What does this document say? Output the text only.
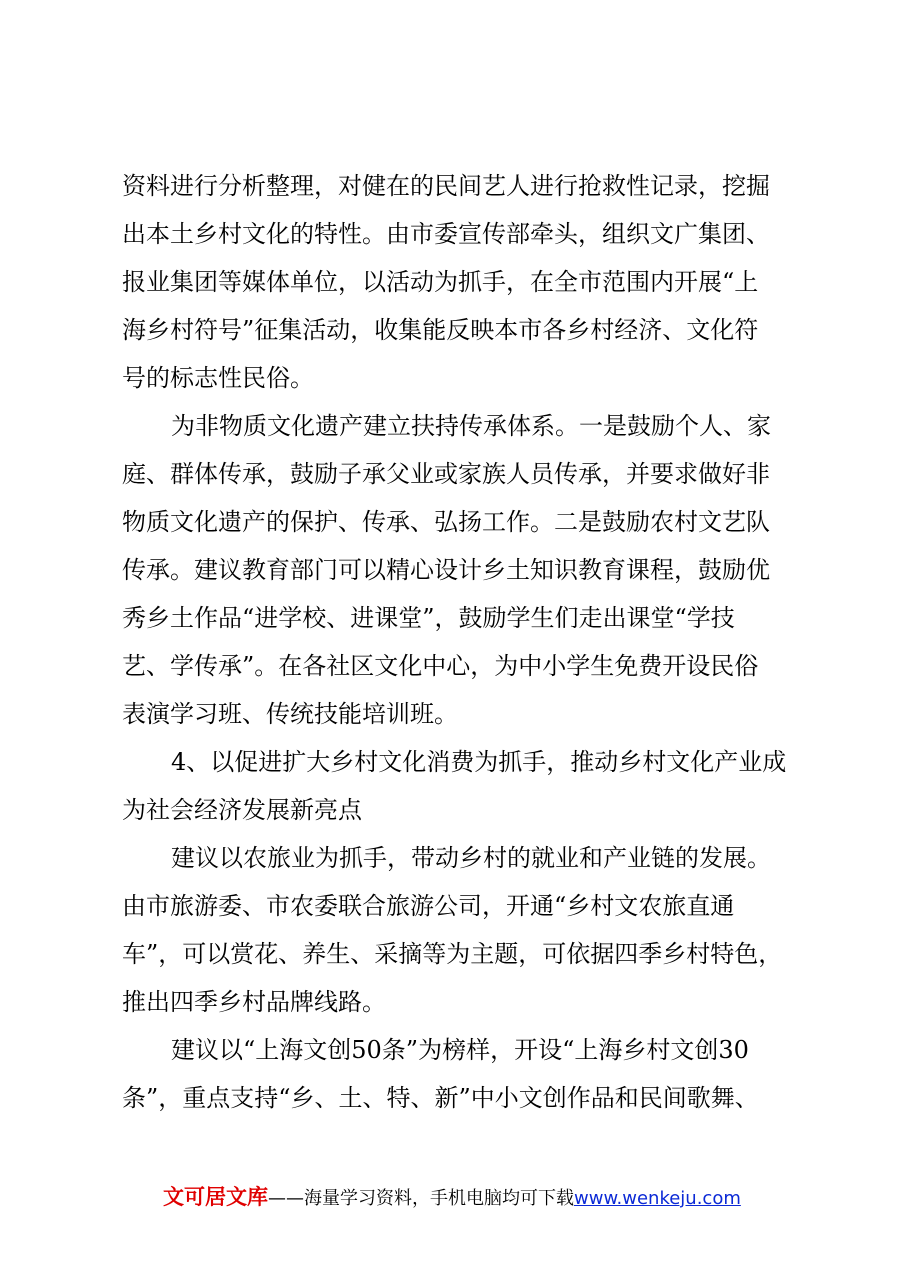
资料进行分析整理，对健在的民间艺人进行抢救性记录，挖掘
出本土乡村文化的特性。由市委宣传部牵头，组织文广集团、
报业集团等媒体单位，以活动为抓手，在全市范围内开展“上
海乡村符号”征集活动，收集能反映本市各乡村经济、文化符
号的标志性民俗。
为非物质文化遗产建立扶持传承体系。一是鼓励个人、家
庭、群体传承，鼓励子承父业或家族人员传承，并要求做好非
物质文化遗产的保护、传承、弘扬工作。二是鼓励农村文艺队
传承。建议教育部门可以精心设计乡土知识教育课程，鼓励优
秀乡土作品“进学校、进课堂”，鼓励学生们走出课堂“学技
艺、学传承”。在各社区文化中心，为中小学生免费开设民俗
表演学习班、传统技能培训班。
4、以促进扩大乡村文化消费为抓手，推动乡村文化产业成
为社会经济发展新亮点
建议以农旅业为抓手，带动乡村的就业和产业链的发展。
由市旅游委、市农委联合旅游公司，开通“乡村文农旅直通
车”，可以赏花、养生、采摘等为主题，可依据四季乡村特色，
推出四季乡村品牌线路。
建议以“上海文创50条”为榜样，开设“上海乡村文创30
条”，重点支持“乡、土、特、新”中小文创作品和民间歌舞、
文可居文库——海量学习资料，手机电脑均可下载www.wenkeju.com
